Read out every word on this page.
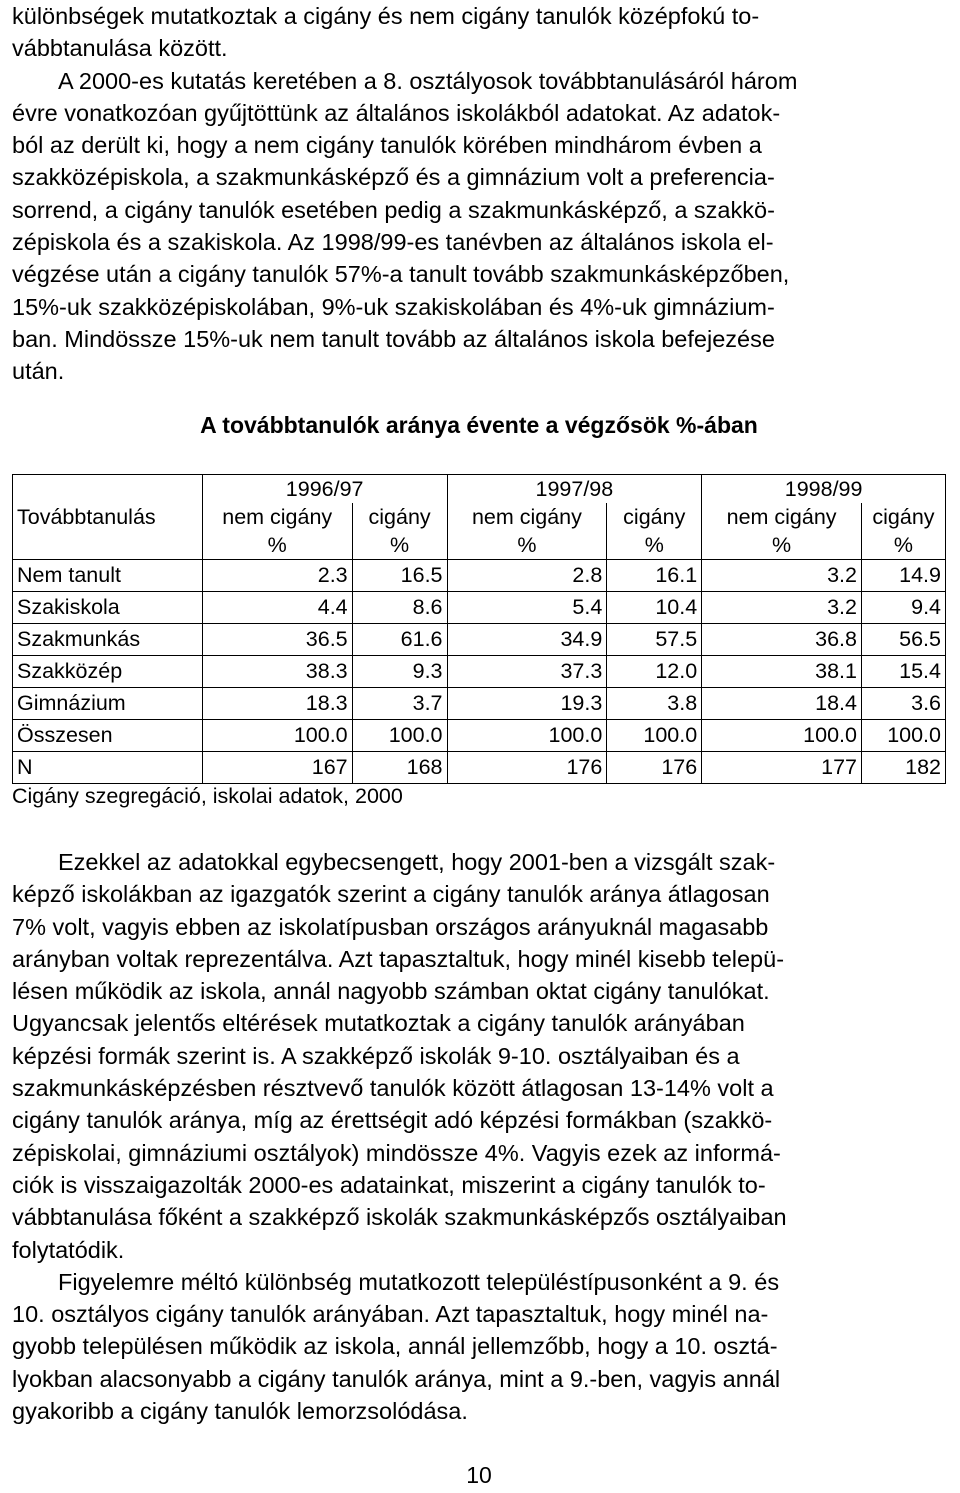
különbségek mutatkoztak a cigány és nem cigány tanulók középfokú to-
vábbtanulása között.
A 2000-es kutatás keretében a 8. osztályosok továbbtanulásáról három
évre vonatkozóan gyűjtöttünk az általános iskolákból adatokat. Az adatok-
ból az derült ki, hogy a nem cigány tanulók körében mindhárom évben a
szakközépiskola, a szakmunkásképző és a gimnázium volt a preferencia-
sorrend, a cigány tanulók esetében pedig a szakmunkásképző, a szakkö-
zépiskola és a szakiskola. Az 1998/99-es tanévben az általános iskola el-
végzése után a cigány tanulók 57%-a tanult tovább szakmunkásképzőben,
15%-uk szakközépiskolában, 9%-uk szakiskolában és 4%-uk gimnázium-
ban. Mindössze 15%-uk nem tanult tovább az általános iskola befejezése
után.
A továbbtanulók aránya évente a végzősök %-ában
	1996/97		1997/98		1998/99	
Továbbtanulás	nem cigány	cigány	nem cigány	cigány	nem cigány	cigány
	%	%	%	%	%	%
Nem tanult	2.3	16.5	2.8	16.1	3.2	14.9
Szakiskola	4.4	8.6	5.4	10.4	3.2	9.4
Szakmunkás	36.5	61.6	34.9	57.5	36.8	56.5
Szakközép	38.3	9.3	37.3	12.0	38.1	15.4
Gimnázium	18.3	3.7	19.3	3.8	18.4	3.6
Összesen	100.0	100.0	100.0	100.0	100.0	100.0
N	167	168	176	176	177	182
Cigány szegregáció, iskolai adatok, 2000
Ezekkel az adatokkal egybecsengett, hogy 2001-ben a vizsgált szak-
képző iskolákban az igazgatók szerint a cigány tanulók aránya átlagosan
7% volt, vagyis ebben az iskolatípusban országos arányuknál magasabb
arányban voltak reprezentálva. Azt tapasztaltuk, hogy minél kisebb telepü-
lésen működik az iskola, annál nagyobb számban oktat cigány tanulókat.
Ugyancsak jelentős eltérések mutatkoztak a cigány tanulók arányában
képzési formák szerint is. A szakképző iskolák 9-10. osztályaiban és a
szakmunkásképzésben résztvevő tanulók között átlagosan 13-14% volt a
cigány tanulók aránya, míg az érettségit adó képzési formákban (szakkö-
zépiskolai, gimnáziumi osztályok) mindössze 4%. Vagyis ezek az informá-
ciók is visszaigazolták 2000-es adatainkat, miszerint a cigány tanulók to-
vábbtanulása főként a szakképző iskolák szakmunkásképzős osztályaiban
folytatódik.
Figyelemre méltó különbség mutatkozott településtípusonként a 9. és
10. osztályos cigány tanulók arányában. Azt tapasztaltuk, hogy minél na-
gyobb településen működik az iskola, annál jellemzőbb, hogy a 10. osztá-
lyokban alacsonyabb a cigány tanulók aránya, mint a 9.-ben, vagyis annál
gyakoribb a cigány tanulók lemorzsolódása.
10
